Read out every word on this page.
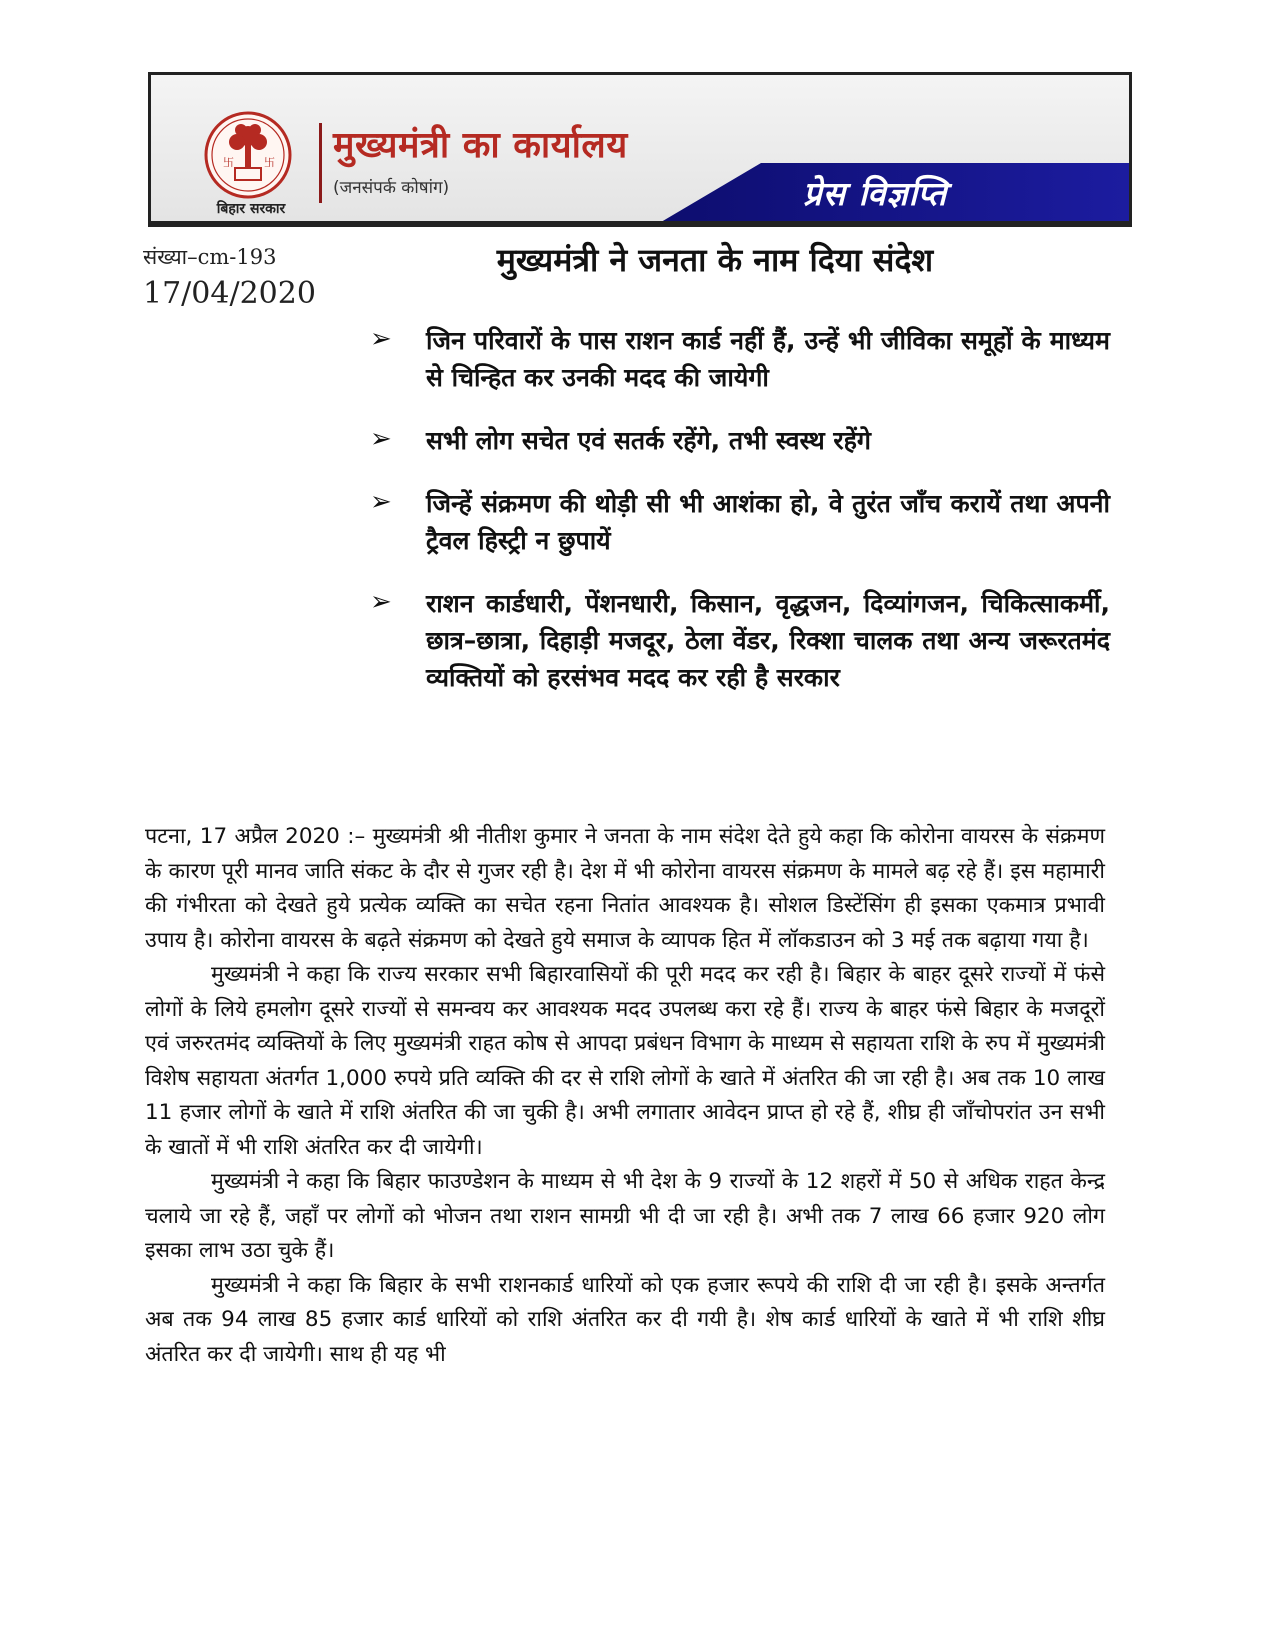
卐	卐
बिहार सरकार
मुख्यमंत्री का कार्यालय
(जनसंपर्क कोषांग)	प्रेस विज्ञप्ति
संख्या–cm-193
17/04/2020
मुख्यमंत्री ने जनता के नाम दिया संदेश
➢ जिन परिवारों के पास राशन कार्ड नहीं हैं, उन्हें भी जीविका समूहों के माध्यम से चिन्हित कर उनकी मदद की जायेगी
➢ सभी लोग सचेत एवं सतर्क रहेंगे, तभी स्वस्थ रहेंगे
➢ जिन्हें संक्रमण की थोड़ी सी भी आशंका हो, वे तुरंत जाँच करायें तथा अपनी ट्रैवल हिस्ट्री न छुपायें
➢ राशन कार्डधारी, पेंशनधारी, किसान, वृद्धजन, दिव्यांगजन, चिकित्साकर्मी, छात्र–छात्रा, दिहाड़ी मजदूर, ठेला वेंडर, रिक्शा चालक तथा अन्य जरूरतमंद व्यक्तियों को हरसंभव मदद कर रही है सरकार

पटना, 17 अप्रैल 2020 :– मुख्यमंत्री श्री नीतीश कुमार ने जनता के नाम संदेश देते हुये कहा कि कोरोना वायरस के संक्रमण के कारण पूरी मानव जाति संकट के दौर से गुजर रही है। देश में भी कोरोना वायरस संक्रमण के मामले बढ़ रहे हैं। इस महामारी की गंभीरता को देखते हुये प्रत्येक व्यक्ति का सचेत रहना नितांत आवश्यक है। सोशल डिस्टेंसिंग ही इसका एकमात्र प्रभावी उपाय है। कोरोना वायरस के बढ़ते संक्रमण को देखते हुये समाज के व्यापक हित में लॉकडाउन को 3 मई तक बढ़ाया गया है।

मुख्यमंत्री ने कहा कि राज्य सरकार सभी बिहारवासियों की पूरी मदद कर रही है। बिहार के बाहर दूसरे राज्यों में फंसे लोगों के लिये हमलोग दूसरे राज्यों से समन्वय कर आवश्यक मदद उपलब्ध करा रहे हैं। राज्य के बाहर फंसे बिहार के मजदूरों एवं जरुरतमंद व्यक्तियों के लिए मुख्यमंत्री राहत कोष से आपदा प्रबंधन विभाग के माध्यम से सहायता राशि के रुप में मुख्यमंत्री विशेष सहायता अंतर्गत 1,000 रुपये प्रति व्यक्ति की दर से राशि लोगों के खाते में अंतरित की जा रही है। अब तक 10 लाख 11 हजार लोगों के खाते में राशि अंतरित की जा चुकी है। अभी लगातार आवेदन प्राप्त हो रहे हैं, शीघ्र ही जाँचोपरांत उन सभी के खातों में भी राशि अंतरित कर दी जायेगी।

मुख्यमंत्री ने कहा कि बिहार फाउण्डेशन के माध्यम से भी देश के 9 राज्यों के 12 शहरों में 50 से अधिक राहत केन्द्र चलाये जा रहे हैं, जहाँ पर लोगों को भोजन तथा राशन सामग्री भी दी जा रही है। अभी तक 7 लाख 66 हजार 920 लोग इसका लाभ उठा चुके हैं।

मुख्यमंत्री ने कहा कि बिहार के सभी राशनकार्ड धारियों को एक हजार रूपये की राशि दी जा रही है। इसके अन्तर्गत अब तक 94 लाख 85 हजार कार्ड धारियों को राशि अंतरित कर दी गयी है। शेष कार्ड धारियों के खाते में भी राशि शीघ्र अंतरित कर दी जायेगी। साथ ही यह भी
